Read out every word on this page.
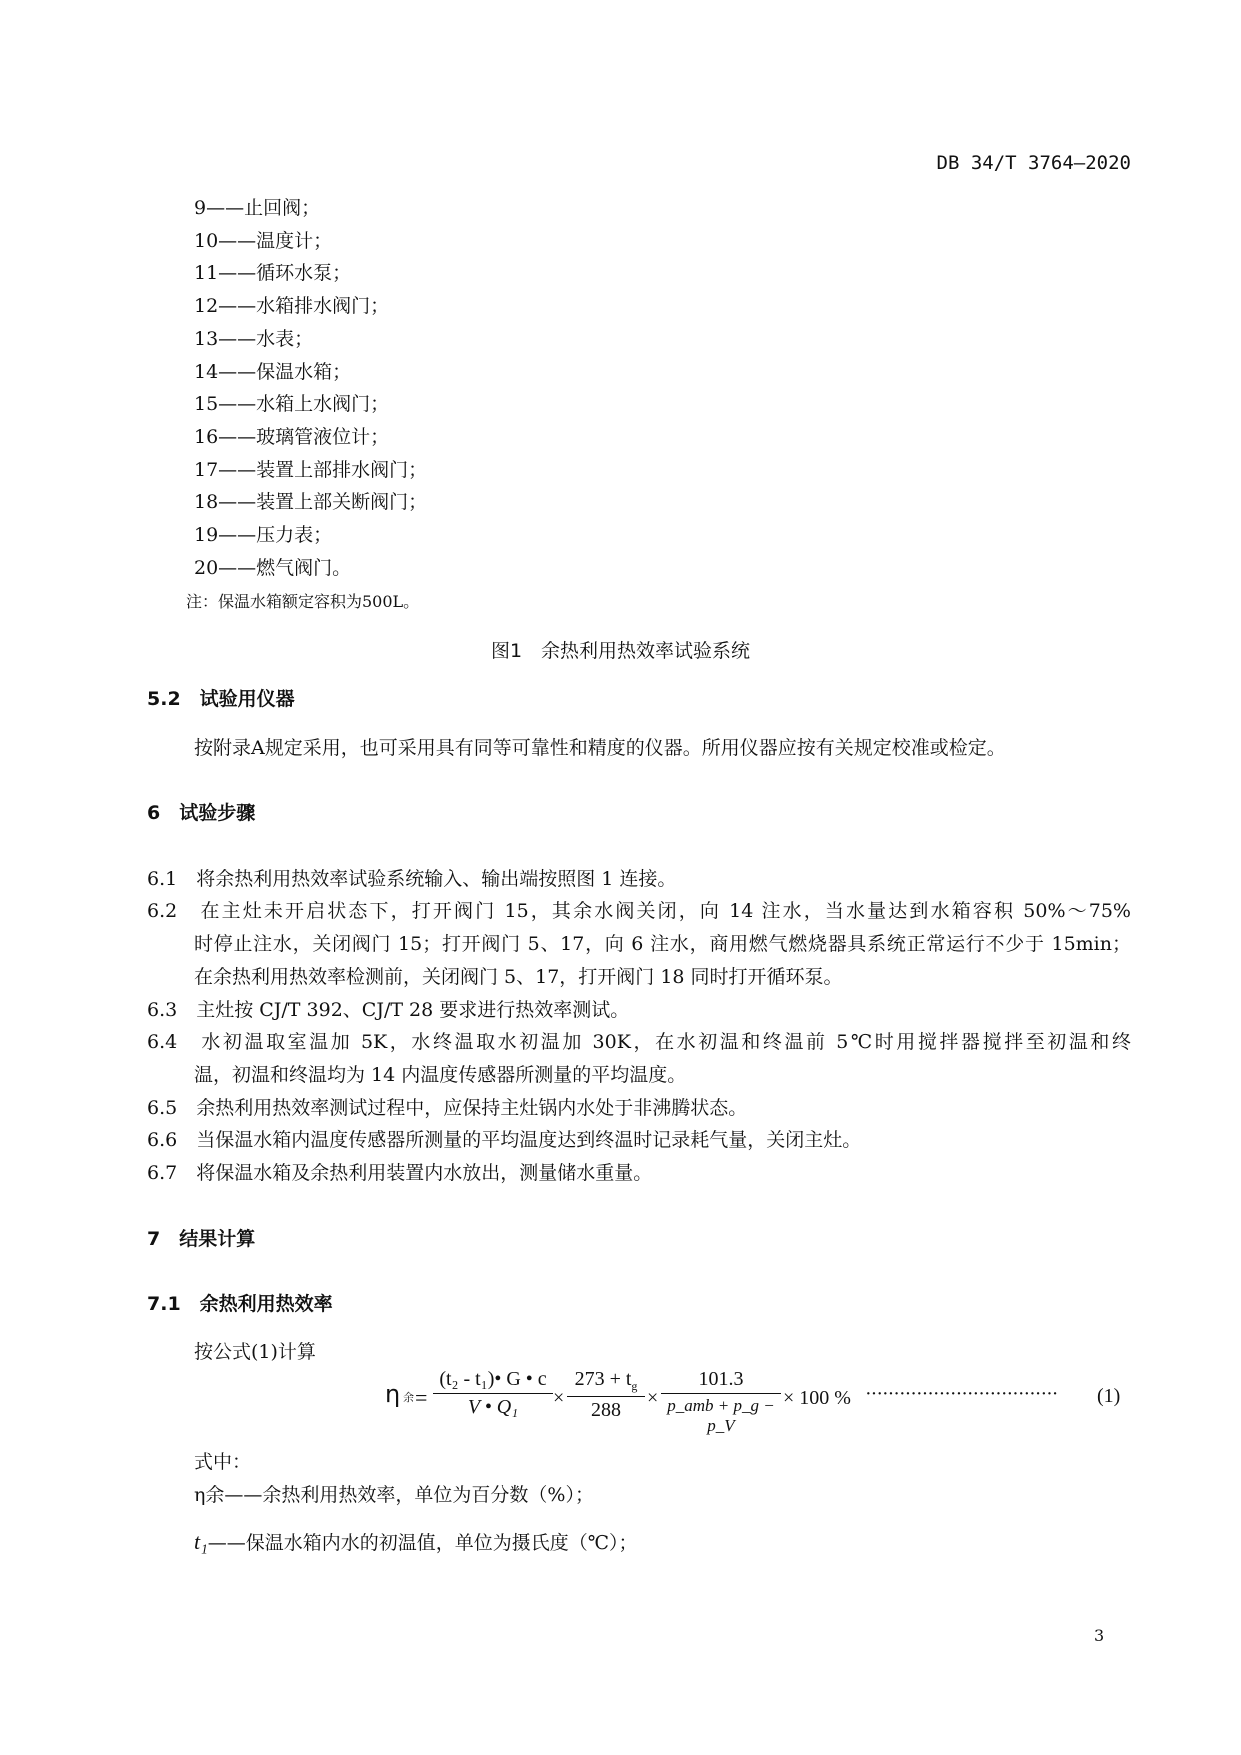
DB 34/T 3764—2020
9——止回阀；
10——温度计；
11——循环水泵；
12——水箱排水阀门；
13——水表；
14——保温水箱；
15——水箱上水阀门；
16——玻璃管液位计；
17——装置上部排水阀门；
18——装置上部关断阀门；
19——压力表；
20——燃气阀门。
注：保温水箱额定容积为500L。
图1　余热利用热效率试验系统
5.2　试验用仪器
按附录A规定采用，也可采用具有同等可靠性和精度的仪器。所用仪器应按有关规定校准或检定。
6　试验步骤
6.1　将余热利用热效率试验系统输入、输出端按照图 1 连接。
6.2　在主灶未开启状态下，打开阀门 15，其余水阀关闭，向 14 注水，当水量达到水箱容积 50%～75%
时停止注水，关闭阀门 15；打开阀门 5、17，向 6 注水，商用燃气燃烧器具系统正常运行不少于 15min；
在余热利用热效率检测前，关闭阀门 5、17，打开阀门 18 同时打开循环泵。
6.3　主灶按 CJ/T 392、CJ/T 28 要求进行热效率测试。
6.4　水初温取室温加 5K，水终温取水初温加 30K，在水初温和终温前 5℃时用搅拌器搅拌至初温和终
温，初温和终温均为 14 内温度传感器所测量的平均温度。
6.5　余热利用热效率测试过程中，应保持主灶锅内水处于非沸腾状态。
6.6　当保温水箱内温度传感器所测量的平均温度达到终温时记录耗气量，关闭主灶。
6.7　将保温水箱及余热利用装置内水放出，测量储水重量。
7　结果计算
7.1　余热利用热效率
按公式(1)计算
η 余 = $\frac{\text{(t₂ - t₁)• G • c}}{\text{V • Q₁}}$ ×
$273 + t_g$
288
×
101.3
p_amb + p_g − p_V
× 100 % ·································· (1)
式中：
η余——余热利用热效率，单位为百分数（%）；
t₁——保温水箱内水的初温值，单位为摄氏度（℃）；
3
